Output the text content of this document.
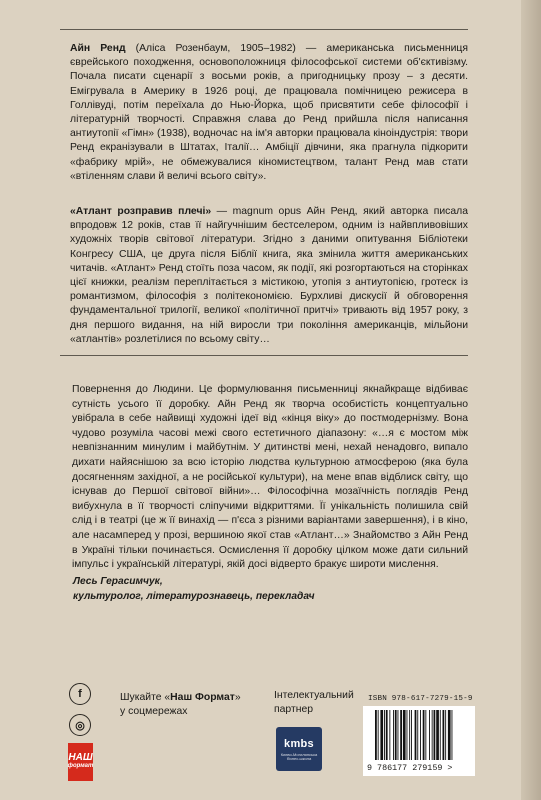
Айн Ренд (Аліса Розенбаум, 1905–1982) — американська письменниця єврейського походження, основоположниця філософської системи об'єктивізму. Почала писати сценарії з восьми років, а пригодницьку прозу – з десяти. Емігрувала в Америку в 1926 році, де працювала помічницею режисера в Голлівуді, потім переїхала до Нью-Йорка, щоб присвятити себе філософії і літературній творчості. Справжня слава до Ренд прийшла після написання антиутопії «Гімн» (1938), водночас на ім'я авторки працювала кіноіндустрія: твори Ренд екранізували в Штатах, Італії… Амбіції дівчини, яка прагнула підкорити «фабрику мрій», не обмежувалися кіномистецтвом, талант Ренд мав стати «втіленням слави й величі всього світу».

«Атлант розправив плечі» — magnum opus Айн Ренд, який авторка писала впродовж 12 років, став її найгучнішим бестселером, одним із найвпливовіших художніх творів світової літератури. Згідно з даними опитування Бібліотеки Конгресу США, це друга після Біблії книга, яка змінила життя американських читачів. «Атлант» Ренд стоїть поза часом, як події, які розгортаються на сторінках цієї книжки, реалізм переплітається з містикою, утопія з антиутопією, гротеск із романтизмом, філософія з політекономією. Бурхливі дискусії й обговорення фундаментальної трилогії, великої «політичної притчі» тривають від 1957 року, з дня першого видання, на ній виросли три покоління американців, мільйони «атлантів» розлетілися по всьому світу…

Повернення до Людини. Це формулювання письменниці якнайкраще відбиває сутність усього її доробку. Айн Ренд як творча особистість концептуально увібрала в себе найвищі художні ідеї від «кінця віку» до постмодернізму. Вона чудово розуміла часові межі свого естетичного діапазону: «…я є мостом між невпізнанним минулим і майбутнім. У дитинстві мені, нехай ненадовго, випало дихати найяснішою за всю історію людства культурною атмосферою (яка була досягненням західної, а не російської культури), на мене впав відблиск світу, що існував до Першої світової війни»… Філософічна мозаїчність поглядів Ренд вибухнула в її творчості сліпучими відкриттями. Її унікальність полишила свій слід і в театрі (це ж її винахід — п'єса з різними варіантами завершення), і в кіно, але насамперед у прозі, вершиною якої став «Атлант…» Знайомство з Айн Ренд в Україні тільки починається. Осмислення її доробку цілком може дати сильний імпульс і українській літературі, якій досі відверто бракує широти мислення.

Лесь Герасимчук,
культуролог, літературознавець, перекладач
f
◎
Шукайте «Наш Формат»
у соцмережах
Інтелектуальний
партнер
kmbs
Києво-Могилянська бізнес-школа
ISBN 978-617-7279-15-9
9 786177 279159 >
НАШ
формат
